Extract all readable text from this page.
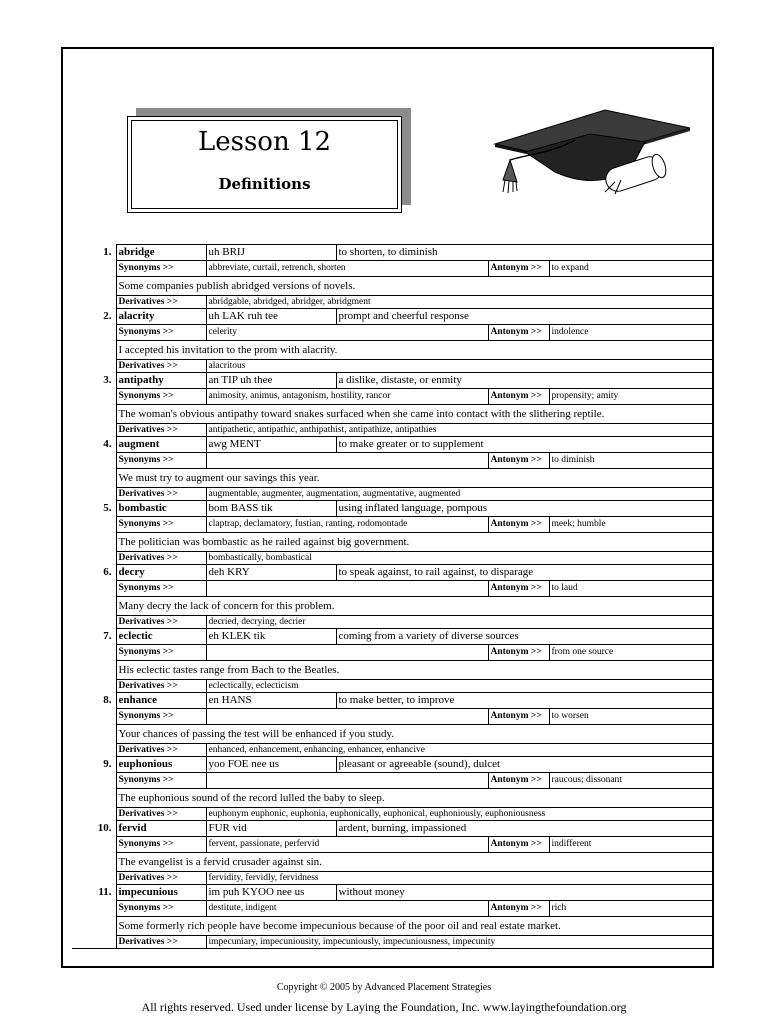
Lesson 12
Definitions
1.	abridge	uh BRIJ	to shorten, to diminish		
	Synonyms >>	abbreviate, curtail, retrench, shorten		Antonym >>	to expand
	Some companies publish abridged versions of novels.				
	Derivatives >>	abridgable, abridged, abridger, abridgment			
2.	alacrity	uh LAK ruh tee	prompt and cheerful response		
	Synonyms >>	celerity		Antonym >>	indolence
	I accepted his invitation to the prom with alacrity.				
	Derivatives >>	alacritous			
3.	antipathy	an TIP uh thee	a dislike, distaste, or enmity		
	Synonyms >>	animosity, animus, antagonism, hostility, rancor		Antonym >>	propensity; amity
	The woman's obvious antipathy toward snakes surfaced when she came into contact with the slithering reptile.				
	Derivatives >>	antipathetic, antipathic, anthipathist, antipathize, antipathies			
4.	augment	awg MENT	to make greater or to supplement		
	Synonyms >>			Antonym >>	to diminish
	We must try to augment our savings this year.				
	Derivatives >>	augmentable, augmenter, augmentation, augmentative, augmented			
5.	bombastic	bom BASS tik	using inflated language, pompous		
	Synonyms >>	claptrap, declamatory, fustian, ranting, rodomontade		Antonym >>	meek; humble
	The politician was bombastic as he railed against big government.				
	Derivatives >>	bombastically, bombastical			
6.	decry	deh KRY	to speak against, to rail against, to disparage		
	Synonyms >>			Antonym >>	to laud
	Many decry the lack of concern for this problem.				
	Derivatives >>	decried, decrying, decrier			
7.	eclectic	eh KLEK tik	coming from a variety of diverse sources		
	Synonyms >>			Antonym >>	from one source
	His eclectic tastes range from Bach to the Beatles.				
	Derivatives >>	eclectically, eclecticism			
8.	enhance	en HANS	to make better, to improve		
	Synonyms >>			Antonym >>	to worsen
	Your chances of passing the test will be enhanced if you study.				
	Derivatives >>	enhanced, enhancement, enhancing, enhancer, enhancive			
9.	euphonious	yoo FOE nee us	pleasant or agreeable (sound), dulcet		
	Synonyms >>			Antonym >>	raucous; dissonant
	The euphonious sound of the record lulled the baby to sleep.				
	Derivatives >>	euphonym euphonic, euphonia, euphonically, euphonical, euphoniously, euphoniousness			
10.	fervid	FUR vid	ardent, burning, impassioned		
	Synonyms >>	fervent, passionate, perfervid		Antonym >>	indifferent
	The evangelist is a fervid crusader against sin.				
	Derivatives >>	fervidity, fervidly, fervidness			
11.	impecunious	im puh KYOO nee us	without money		
	Synonyms >>	destitute, indigent		Antonym >>	rich
	Some formerly rich people have become impecunious because of the poor oil and real estate market.				
	Derivatives >>	impecuniary, impecuniousity, impecuniously, impecuniousness, impecunity			
Copyright © 2005 by Advanced Placement Strategies
All rights reserved. Used under license by Laying the Foundation, Inc. www.layingthefoundation.org
